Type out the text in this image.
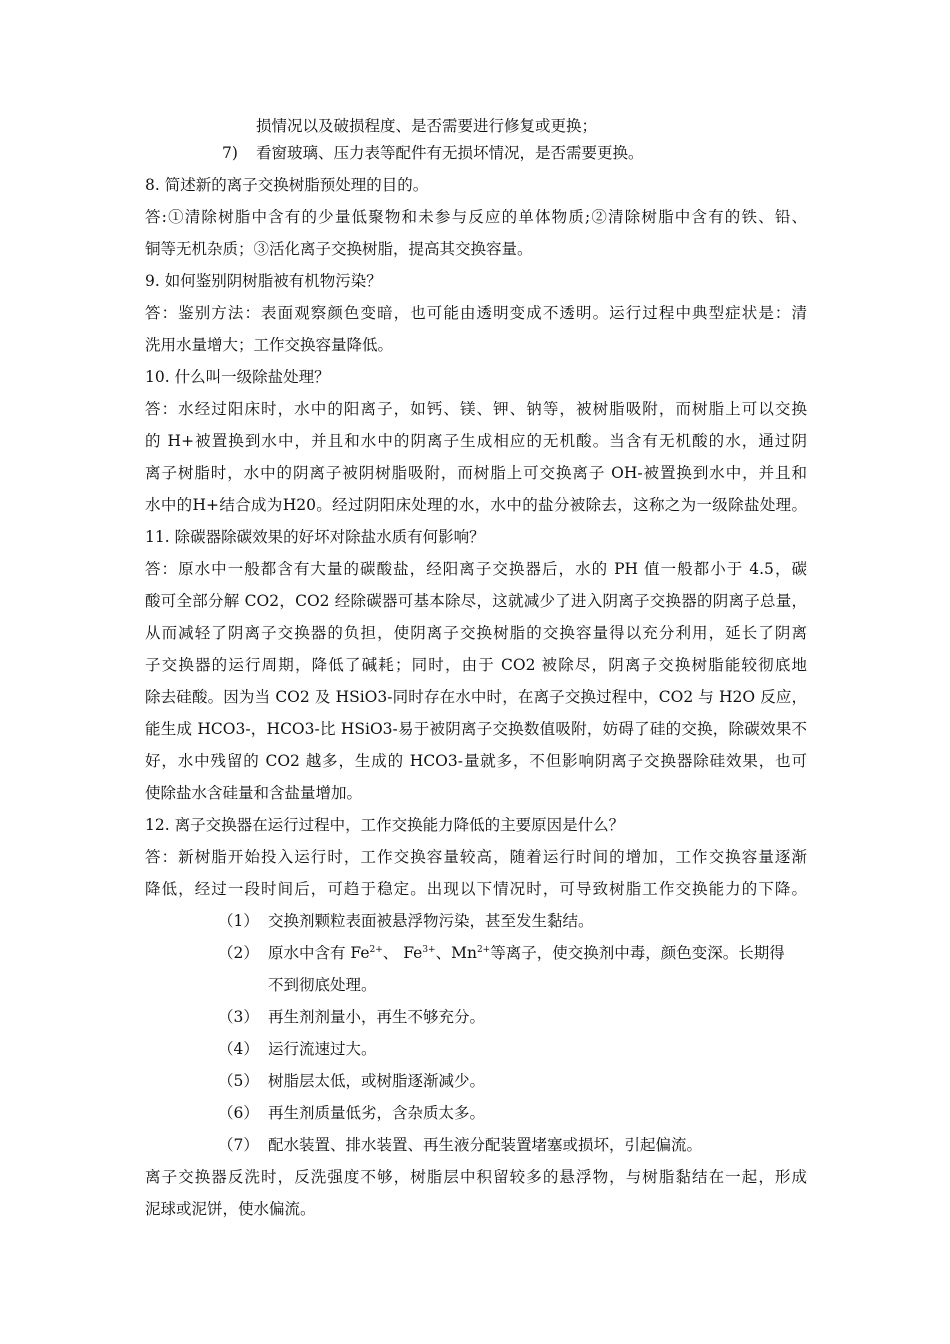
损情况以及破损程度、是否需要进行修复或更换；
7) 看窗玻璃、压力表等配件有无损坏情况，是否需要更换。
8. 简述新的离子交换树脂预处理的目的。
答:①清除树脂中含有的少量低聚物和未参与反应的单体物质;②清除树脂中含有的铁、铅、
铜等无机杂质；③活化离子交换树脂，提高其交换容量。
9. 如何鉴别阴树脂被有机物污染？
答：鉴别方法：表面观察颜色变暗，也可能由透明变成不透明。运行过程中典型症状是：清
洗用水量增大；工作交换容量降低。
10. 什么叫一级除盐处理？
答：水经过阳床时，水中的阳离子，如钙、镁、钾、钠等，被树脂吸附，而树脂上可以交换
的 H+被置换到水中，并且和水中的阴离子生成相应的无机酸。当含有无机酸的水，通过阴
离子树脂时，水中的阴离子被阴树脂吸附，而树脂上可交换离子 OH-被置换到水中，并且和
水中的H+结合成为H20。经过阴阳床处理的水，水中的盐分被除去，这称之为一级除盐处理。
11. 除碳器除碳效果的好坏对除盐水质有何影响？
答：原水中一般都含有大量的碳酸盐，经阳离子交换器后，水的 PH 值一般都小于 4.5，碳
酸可全部分解 CO2，CO2 经除碳器可基本除尽，这就减少了进入阴离子交换器的阴离子总量，
从而减轻了阴离子交换器的负担，使阴离子交换树脂的交换容量得以充分利用，延长了阴离
子交换器的运行周期，降低了碱耗；同时，由于 CO2 被除尽，阴离子交换树脂能较彻底地
除去硅酸。因为当 CO2 及 HSiO3-同时存在水中时，在离子交换过程中，CO2 与 H2O 反应，
能生成 HCO3-，HCO3-比 HSiO3-易于被阴离子交换数值吸附，妨碍了硅的交换，除碳效果不
好，水中残留的 CO2 越多，生成的 HCO3-量就多，不但影响阴离子交换器除硅效果，也可
使除盐水含硅量和含盐量增加。
12. 离子交换器在运行过程中，工作交换能力降低的主要原因是什么？
答：新树脂开始投入运行时，工作交换容量较高，随着运行时间的增加，工作交换容量逐渐
降低，经过一段时间后，可趋于稳定。出现以下情况时，可导致树脂工作交换能力的下降。
（1） 交换剂颗粒表面被悬浮物污染，甚至发生黏结。
（2） 原水中含有 $Fe^{2+}$、 $Fe^{3+}$、$Mn^{2+}$等离子，使交换剂中毒，颜色变深。长期得
不到彻底处理。
（3） 再生剂剂量小，再生不够充分。
（4） 运行流速过大。
（5） 树脂层太低，或树脂逐渐减少。
（6） 再生剂质量低劣，含杂质太多。
（7） 配水装置、排水装置、再生液分配装置堵塞或损坏，引起偏流。
离子交换器反洗时，反洗强度不够，树脂层中积留较多的悬浮物，与树脂黏结在一起，形成
泥球或泥饼，使水偏流。
